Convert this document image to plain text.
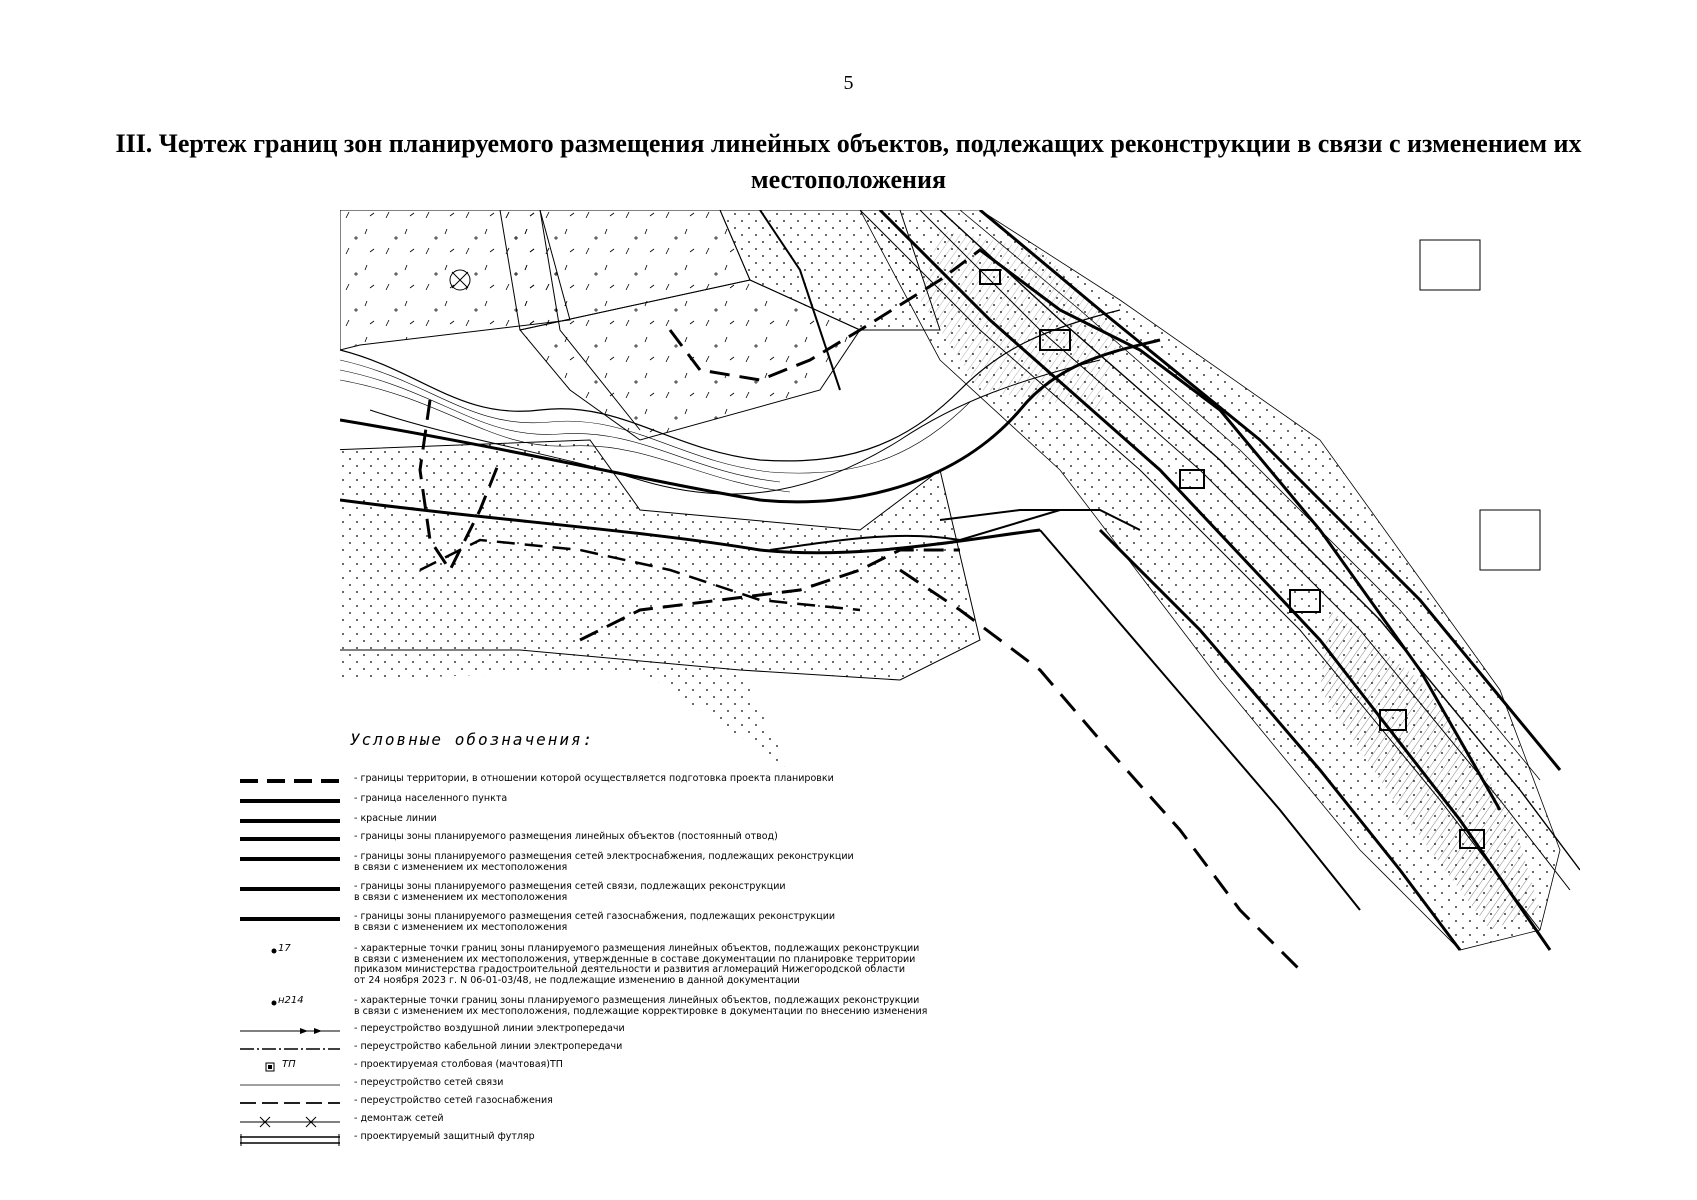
5
III. Чертеж границ зон планируемого размещения линейных объектов, подлежащих реконструкции в связи с изменением их местоположения
Условные обозначения:
- границы территории, в отношении которой осуществляется подготовка проекта планировки
- граница населенного пункта
- красные линии
- границы зоны планируемого размещения линейных объектов (постоянный отвод)
- границы зоны планируемого размещения сетей электроснабжения, подлежащих реконструкции
в связи с изменением их местоположения
- границы зоны планируемого размещения сетей связи, подлежащих реконструкции
в связи с изменением их местоположения
- границы зоны планируемого размещения сетей газоснабжения, подлежащих реконструкции
в связи с изменением их местоположения
17	- характерные точки границ зоны планируемого размещения линейных объектов, подлежащих реконструкции
в связи с изменением их местоположения, утвержденные в составе документации по планировке территории
приказом министерства градостроительной деятельности и развития агломераций Нижегородской области
от 24 ноября 2023 г. N 06-01-03/48, не подлежащие изменению в данной документации
н214	- характерные точки границ зоны планируемого размещения линейных объектов, подлежащих реконструкции
в связи с изменением их местоположения, подлежащие корректировке в документации по внесению изменения
- переустройство воздушной линии электропередачи
- переустройство кабельной линии электропередачи
ТП	- проектируемая столбовая (мачтовая)ТП
- переустройство сетей связи
- переустройство сетей газоснабжения
- демонтаж сетей
- проектируемый защитный футляр
